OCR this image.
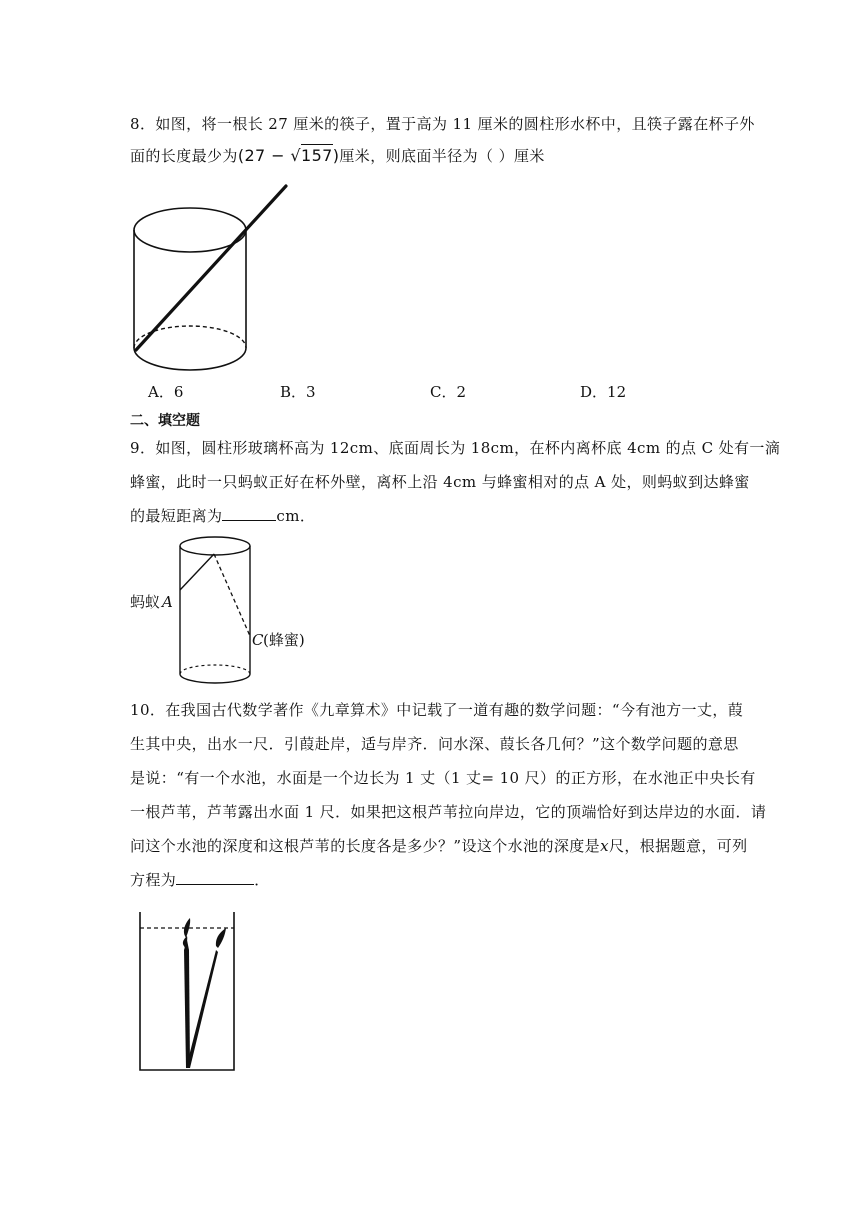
8．如图，将一根长 27 厘米的筷子，置于高为 11 厘米的圆柱形水杯中，且筷子露在杯子外
面的长度最少为(27 − √157)厘米，则底面半径为（ ）厘米
A．6	B．3	C．2	D．12
二、填空题
9．如图，圆柱形玻璃杯高为 12cm、底面周长为 18cm，在杯内离杯底 4cm 的点 C 处有一滴
蜂蜜，此时一只蚂蚁正好在杯外壁，离杯上沿 4cm 与蜂蜜相对的点 A 处，则蚂蚁到达蜂蜜
的最短距离为	cm．
蚂蚁 A
C (蜂蜜)
10．在我国古代数学著作《九章算术》中记载了一道有趣的数学问题：“今有池方一丈，葭
生其中央，出水一尺．引葭赴岸，适与岸齐．问水深、葭长各几何？”这个数学问题的意思
是说：“有一个水池，水面是一个边长为 1 丈（1 丈= 10 尺）的正方形，在水池正中央长有
一根芦苇，芦苇露出水面 1 尺．如果把这根芦苇拉向岸边，它的顶端恰好到达岸边的水面．请
问这个水池的深度和这根芦苇的长度各是多少？”设这个水池的深度是x尺，根据题意，可列
方程为	．
